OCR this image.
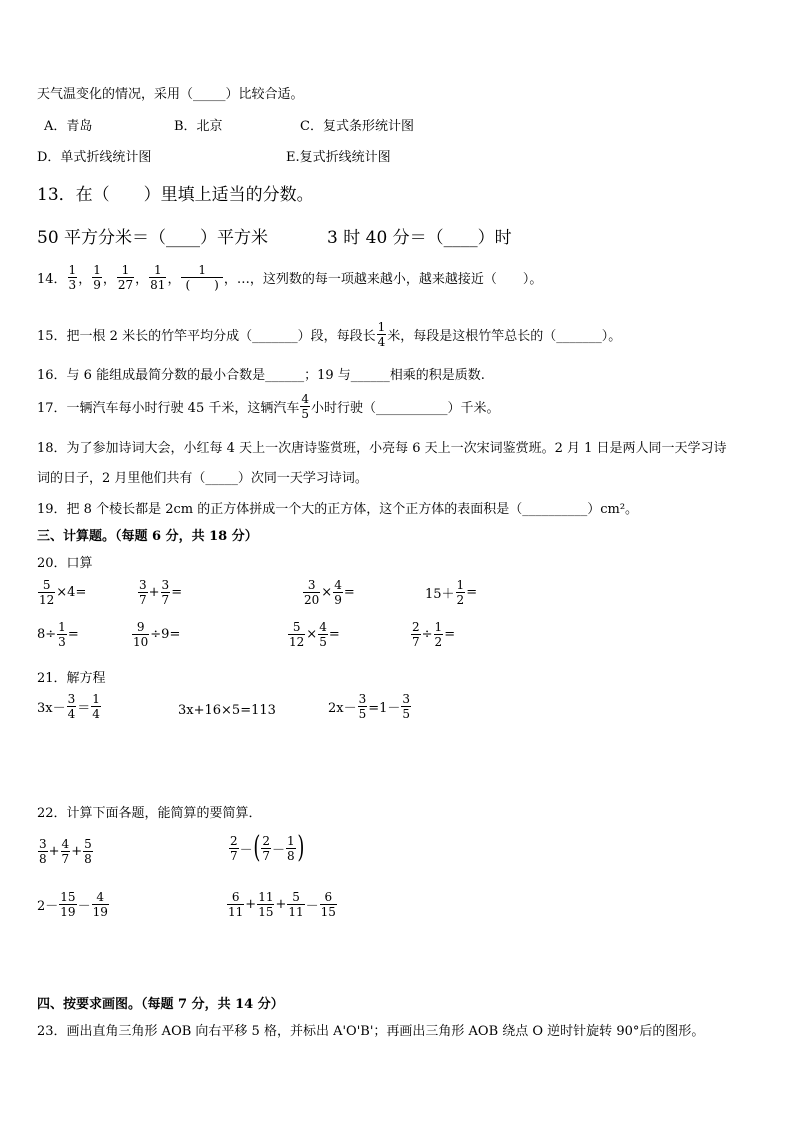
天气温变化的情况，采用（_____）比较合适。
A．青岛	B．北京	C．复式条形统计图
D．单式折线统计图	E.复式折线统计图
13．在（　　）里填上适当的分数。
50 平方分米＝（____）平方米	3 时 40 分＝（____）时
14． $\frac{1}{3}$ ， $\frac{1}{9}$ ， $\frac{1}{27}$ ， $\frac{1}{81}$ ， $\frac{1}{( )}$ ，…，这列数的每一项越来越小，越来越接近（　　）。
15．把一根 2 米长的竹竿平均分成（_______）段，每段长 $\frac{1}{4}$ 米，每段是这根竹竿总长的（_______）。
16．与 6 能组成最简分数的最小合数是______；19 与______相乘的积是质数.
17．一辆汽车每小时行驶 45 千米，这辆汽车 $\frac{4}{5}$ 小时行驶（___________）千米。
18．为了参加诗词大会，小红每 4 天上一次唐诗鉴赏班，小亮每 6 天上一次宋词鉴赏班。2 月 1 日是两人同一天学习诗
词的日子，2 月里他们共有（_____）次同一天学习诗词。
19．把 8 个棱长都是 2cm 的正方体拼成一个大的正方体，这个正方体的表面积是（__________）cm²。
三、计算题。（每题 6 分，共 18 分）
20．口算
$\frac{5}{12} \times 4=$	$\frac{3}{7} + \frac{3}{7}$ =	$\frac{3}{20} \times \frac{4}{9}$ =	$15+ \frac{1}{2}$ =
$8\div \frac{1}{3}$ =	$\frac{9}{10} \div 9=$	$\frac{5}{12} \times \frac{4}{5}$ =	$\frac{2}{7} \div \frac{1}{2}$ =
21．解方程
$3x- \frac{3}{4} = \frac{1}{4}$	3x+16×5=113	$2x- \frac{3}{5} =1- \frac{3}{5}$
22．计算下面各题，能简算的要简算．
$\frac{3}{8} + \frac{4}{7} + \frac{5}{8}$	$\frac{2}{7}$ － ( $\frac{2}{7} - \frac{1}{8}$ )
$2- \frac{15}{19} - \frac{4}{19}$	$\frac{6}{11} + \frac{11}{15} + \frac{5}{11} - \frac{6}{15}$
四、按要求画图。（每题 7 分，共 14 分）
23．画出直角三角形 AOB 向右平移 5 格，并标出 A'O'B'；再画出三角形 AOB 绕点 O 逆时针旋转 90°后的图形。
